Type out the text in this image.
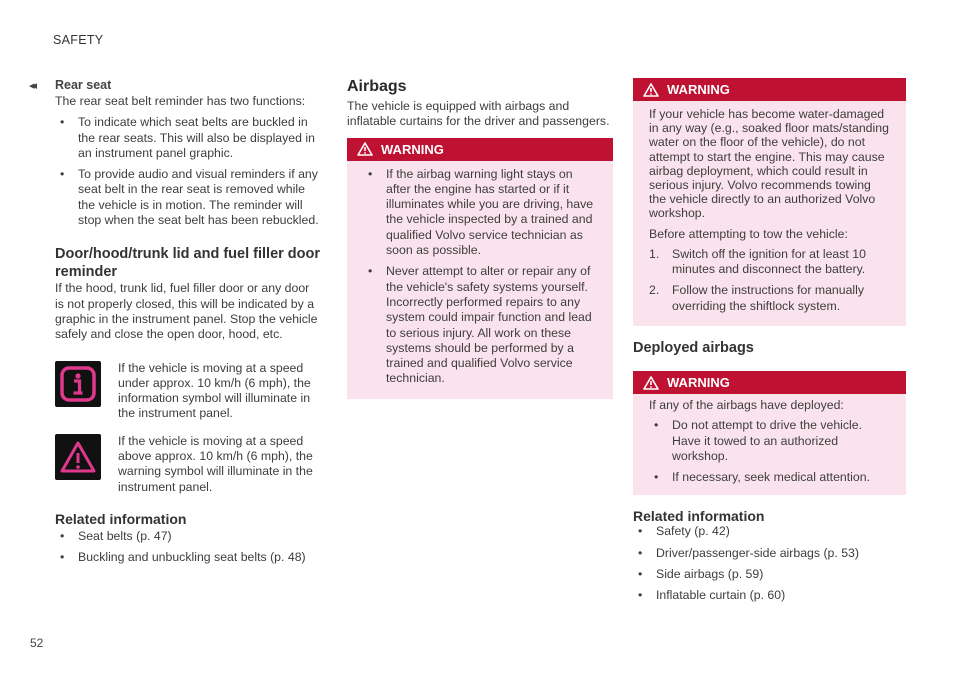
SAFETY
◂◂
52
Rear seat

The rear seat belt reminder has two functions:

• To indicate which seat belts are buckled in the rear seats. This will also be displayed in an instrument panel graphic.
• To provide audio and visual reminders if any seat belt in the rear seat is removed while the vehicle is in motion. The reminder will stop when the seat belt has been rebuckled.
Door/hood/trunk lid and fuel filler door reminder

If the hood, trunk lid, fuel filler door or any door is not properly closed, this will be indicated by a graphic in the instrument panel. Stop the vehicle safely and close the open door, hood, etc.

If the vehicle is moving at a speed under approx. 10 km/h (6 mph), the information symbol will illuminate in the instrument panel.

If the vehicle is moving at a speed above approx. 10 km/h (6 mph), the warning symbol will illuminate in the instrument panel.

Related information
• Seat belts (p. 47)
• Buckling and unbuckling seat belts (p. 48)
Airbags

The vehicle is equipped with airbags and inflatable curtains for the driver and passengers.

WARNING
• If the airbag warning light stays on after the engine has started or if it illuminates while you are driving, have the vehicle inspected by a trained and qualified Volvo service technician as soon as possible.
• Never attempt to alter or repair any of the vehicle's safety systems yourself. Incorrectly performed repairs to any system could impair function and lead to serious injury. All work on these systems should be performed by a trained and qualified Volvo service technician.
WARNING

If your vehicle has become water-damaged in any way (e.g., soaked floor mats/standing water on the floor of the vehicle), do not attempt to start the engine. This may cause airbag deployment, which could result in serious injury. Volvo recommends towing the vehicle directly to an authorized Volvo workshop.

Before attempting to tow the vehicle:

1. Switch off the ignition for at least 10 minutes and disconnect the battery.
2. Follow the instructions for manually overriding the shiftlock system.
Deployed airbags
WARNING

If any of the airbags have deployed:

• Do not attempt to drive the vehicle. Have it towed to an authorized workshop.
• If necessary, seek medical attention.
Related information
• Safety (p. 42)
• Driver/passenger-side airbags (p. 53)
• Side airbags (p. 59)
• Inflatable curtain (p. 60)
